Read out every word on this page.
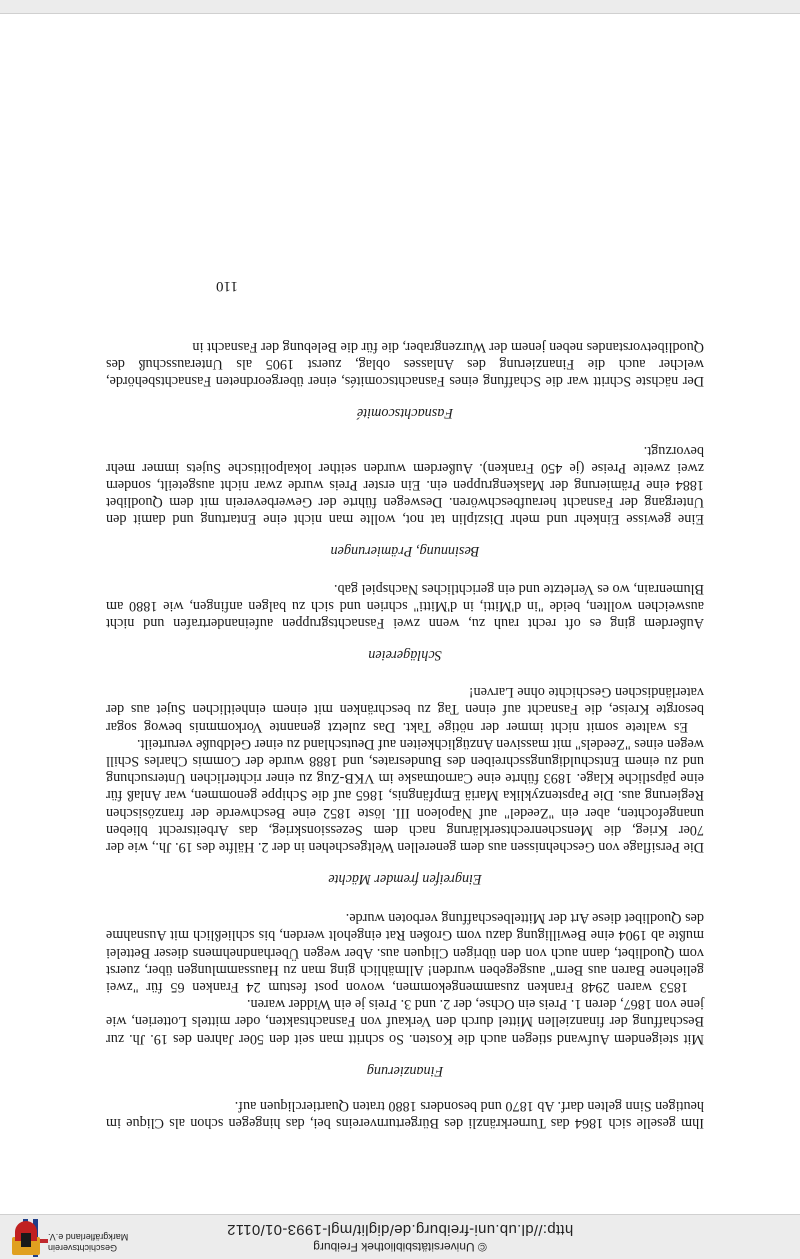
© Universitätsbibliothek Freiburg
http://dl.ub.uni-freiburg.de/diglit/mgl-1993-01/0112
Geschichtsverein Markgräflerland e.V.

Ihm geselle sich 1864 das Turnerkränzli des Bürgerturnvereins bei, das hingegen schon als Clique im heutigen Sinn gelten darf. Ab 1870 und besonders 1880 traten Quartiercliquen auf.

Finanzierung

Mit steigendem Aufwand stiegen auch die Kosten. So schritt man seit den 50er Jahren des 19. Jh. zur Beschaffung der finanziellen Mittel durch den Verkauf von Fasnachtsakten, oder mittels Lotterien, wie jene von 1867, deren 1. Preis ein Ochse, der 2. und 3. Preis je ein Widder waren.

1853 waren 2948 Franken zusammengekommen, wovon post festum 24 Franken 65 für "zwei geliehene Baren aus Bern" ausgegeben wurden! Allmählich ging man zu Haussammlungen über, zuerst vom Quodlibet, dann auch von den übrigen Cliquen aus. Aber wegen Überhandnehmens dieser Bettelei mußte ab 1904 eine Bewilligung dazu vom Großen Rat eingeholt werden, bis schließlich mit Ausnahme des Quodlibet diese Art der Mittelbeschaffung verboten wurde.

Eingreifen fremder Mächte

Die Persiflage von Geschehnissen aus dem generellen Weltgeschehen in der 2. Hälfte des 19. Jh., wie der 70er Krieg, die Menschenrechtserklärung nach dem Sezessionskrieg, das Arbeitsrecht blieben unangefochten, aber ein "Zeedel" auf Napoleon III. löste 1852 eine Beschwerde der französischen Regierung aus. Die Papstenzyklika Mariä Empfängnis, 1865 auf die Schippe genommen, war Anlaß für eine päpstliche Klage. 1893 führte eine Carnotmaske im VKB-Zug zu einer richterlichen Untersuchung und zu einem Entschuldigungsschreiben des Bundesrates, und 1888 wurde der Commis Charles Schill wegen eines "Zeedels" mit massiven Anzüglichkeiten auf Deutschland zu einer Geldbuße verurteilt.

Es waltete somit nicht immer der nötige Takt. Das zuletzt genannte Vorkommnis bewog sogar besorgte Kreise, die Fasnacht auf einen Tag zu beschränken mit einem einheitlichen Sujet aus der vaterländischen Geschichte ohne Larven!

Schlägereien

Außerdem ging es oft recht rauh zu, wenn zwei Fasnachtsgruppen aufeinandertrafen und nicht ausweichen wollten, beide "in d'Mitti, in d'Mitti" schrien und sich zu balgen anfingen, wie 1880 am Blumenrain, wo es Verletzte und ein gerichtliches Nachspiel gab.

Besinnung, Prämierungen

Eine gewisse Einkehr und mehr Disziplin tat not, wollte man nicht eine Entartung und damit den Untergang der Fasnacht heraufbeschwören. Deswegen führte der Gewerbeverein mit dem Quodlibet 1884 eine Prämierung der Maskengruppen ein. Ein erster Preis wurde zwar nicht ausgeteilt, sondern zwei zweite Preise (je 450 Franken). Außerdem wurden seither lokalpolitische Sujets immer mehr bevorzugt.

Fasnachtscomité

Der nächste Schritt war die Schaffung eines Fasnachtscomités, einer übergeordneten Fasnachtsbehörde, welcher auch die Finanzierung des Anlasses oblag, zuerst 1905 als Unterausschuß des Quodlibetvorstandes neben jenem der Wurzengraber, die für die Belebung der Fasnacht in

110
